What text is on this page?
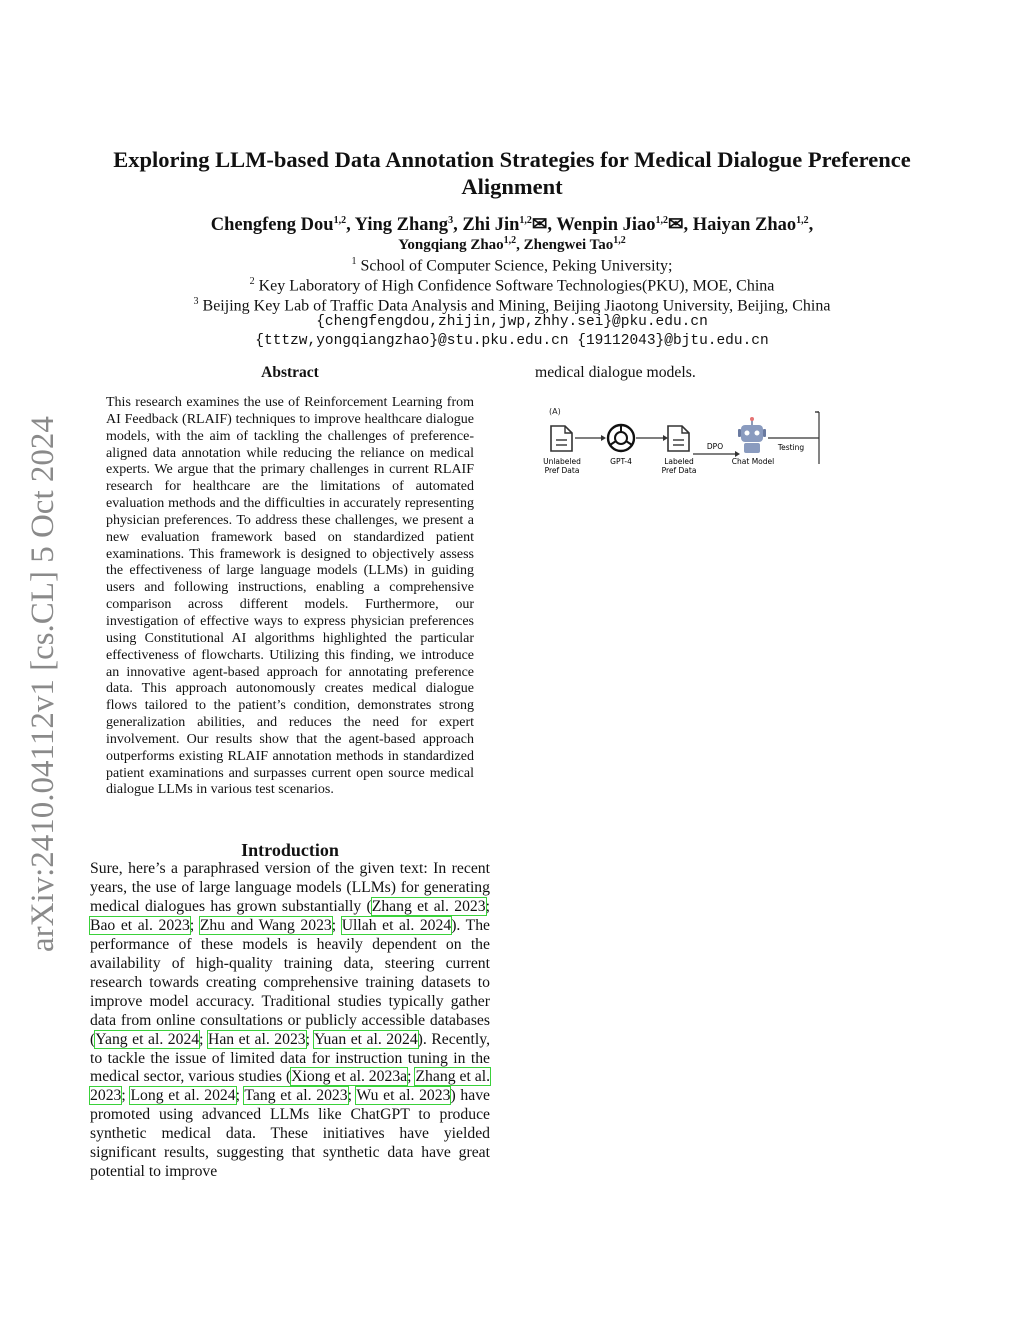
arXiv:2410.04112v1 [cs.CL] 5 Oct 2024
Exploring LLM-based Data Annotation Strategies for Medical Dialogue Preference
Alignment
Chengfeng Dou$^{1,2}$, Ying Zhang$^3$, Zhi Jin$^{1,2}$✉, Wenpin Jiao$^{1,2}$✉, Haiyan Zhao$^{1,2}$,
Yongqiang Zhao$^{1,2}$, Zhengwei Tao$^{1,2}$
$^1$ School of Computer Science, Peking University;
$^2$ Key Laboratory of High Confidence Software Technologies(PKU), MOE, China
$^3$ Beijing Key Lab of Traffic Data Analysis and Mining, Beijing Jiaotong University, Beijing, China
{chengfengdou,zhijin,jwp,zhhy.sei}@pku.edu.cn
{tttzw,yongqiangzhao}@stu.pku.edu.cn {19112043}@bjtu.edu.cn
Abstract
This research examines the use of Reinforcement Learning from AI Feedback (RLAIF) techniques to improve healthcare dialogue models, with the aim of tackling the challenges of preference-aligned data annotation while reducing the reliance on medical experts. We argue that the primary challenges in current RLAIF research for healthcare are the limitations of automated evaluation methods and the difficulties in accurately representing physician preferences. To address these challenges, we present a new evaluation framework based on standardized patient examinations. This framework is designed to objectively assess the effectiveness of large language models (LLMs) in guiding users and following instructions, enabling a comprehensive comparison across different models. Furthermore, our investigation of effective ways to express physician preferences using Constitutional AI algorithms highlighted the particular effectiveness of flowcharts. Utilizing this finding, we introduce an innovative agent-based approach for annotating preference data. This approach autonomously creates medical dialogue flows tailored to the patient’s condition, demonstrates strong generalization abilities, and reduces the need for expert involvement. Our results show that the agent-based approach outperforms existing RLAIF annotation methods in standardized patient examinations and surpasses current open source medical dialogue LLMs in various test scenarios.
Introduction
Sure, here’s a paraphrased version of the given text: In recent years, the use of large language models (LLMs) for generating medical dialogues has grown substantially (Zhang et al. 2023; Bao et al. 2023; Zhu and Wang 2023; Ullah et al. 2024). The performance of these models is heavily dependent on the availability of high-quality training data, steering current research towards creating comprehensive training datasets to improve model accuracy. Traditional studies typically gather data from online consultations or publicly accessible databases (Yang et al. 2024; Han et al. 2023; Yuan et al. 2024). Recently, to tackle the issue of limited data for instruction tuning in the medical sector, various studies (Xiong et al. 2023a; Zhang et al. 2023; Long et al. 2024; Tang et al. 2023; Wu et al. 2023) have promoted using advanced LLMs like ChatGPT to produce synthetic medical data. These initiatives have yielded significant results, suggesting that synthetic data have great potential to improve
medical dialogue models.
(A)
Unlabeled
Pref Data
GPT-4	Labeled
Pref Data
DPO
Chat Model
Testing
